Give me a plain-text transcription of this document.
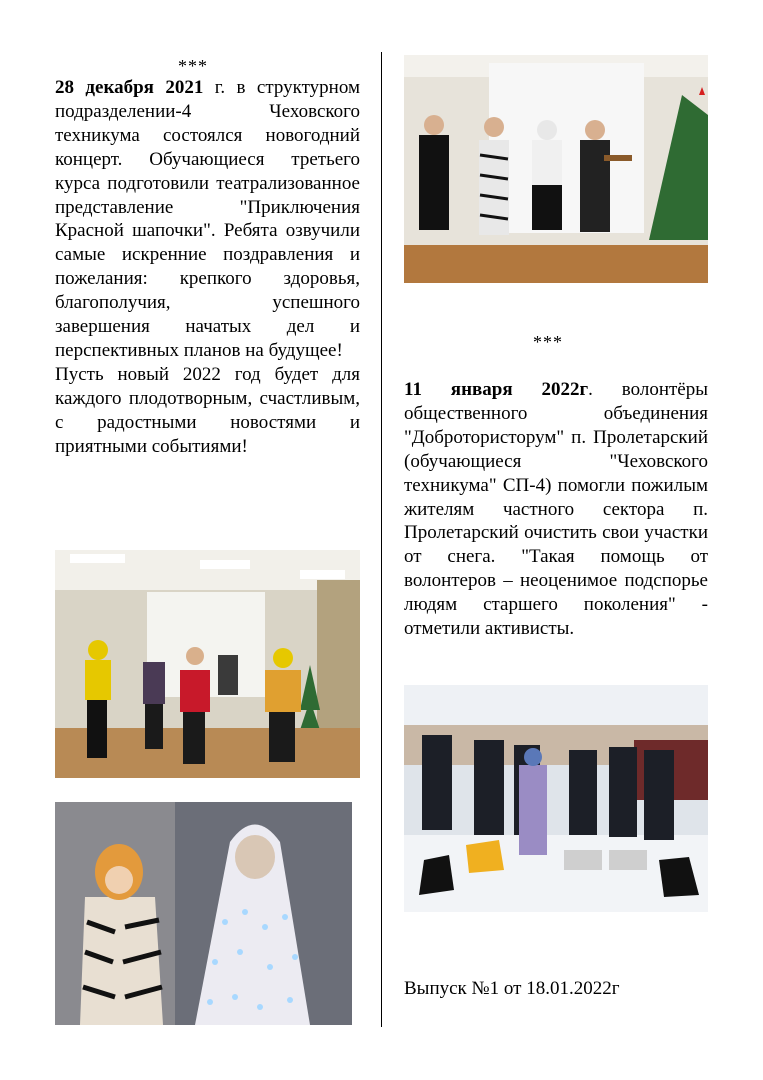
***

28 декабря 2021 г. в структурном подразделении-4 Чеховского техникума состоялся новогодний концерт. Обучающиеся третьего курса подготовили театрализованное представление "Приключения Красной шапочки". Ребята озвучили самые искренние поздравления и пожелания: крепкого здоровья, благополучия, успешного завершения начатых дел и перспективных планов на будущее!

Пусть новый 2022 год будет для каждого плодотворным, счастливым, с радостными новостями и приятными событиями!

***

11 января 2022г. волонтёры общественного объединения "Добротористорум" п. Пролетарский (обучающиеся "Чеховского техникума" СП-4) помогли пожилым жителям частного сектора п. Пролетарский очистить свои участки от снега. "Такая помощь от волонтеров – неоценимое подспорье людям старшего поколения" - отметили активисты.

Выпуск №1 от 18.01.2022г
